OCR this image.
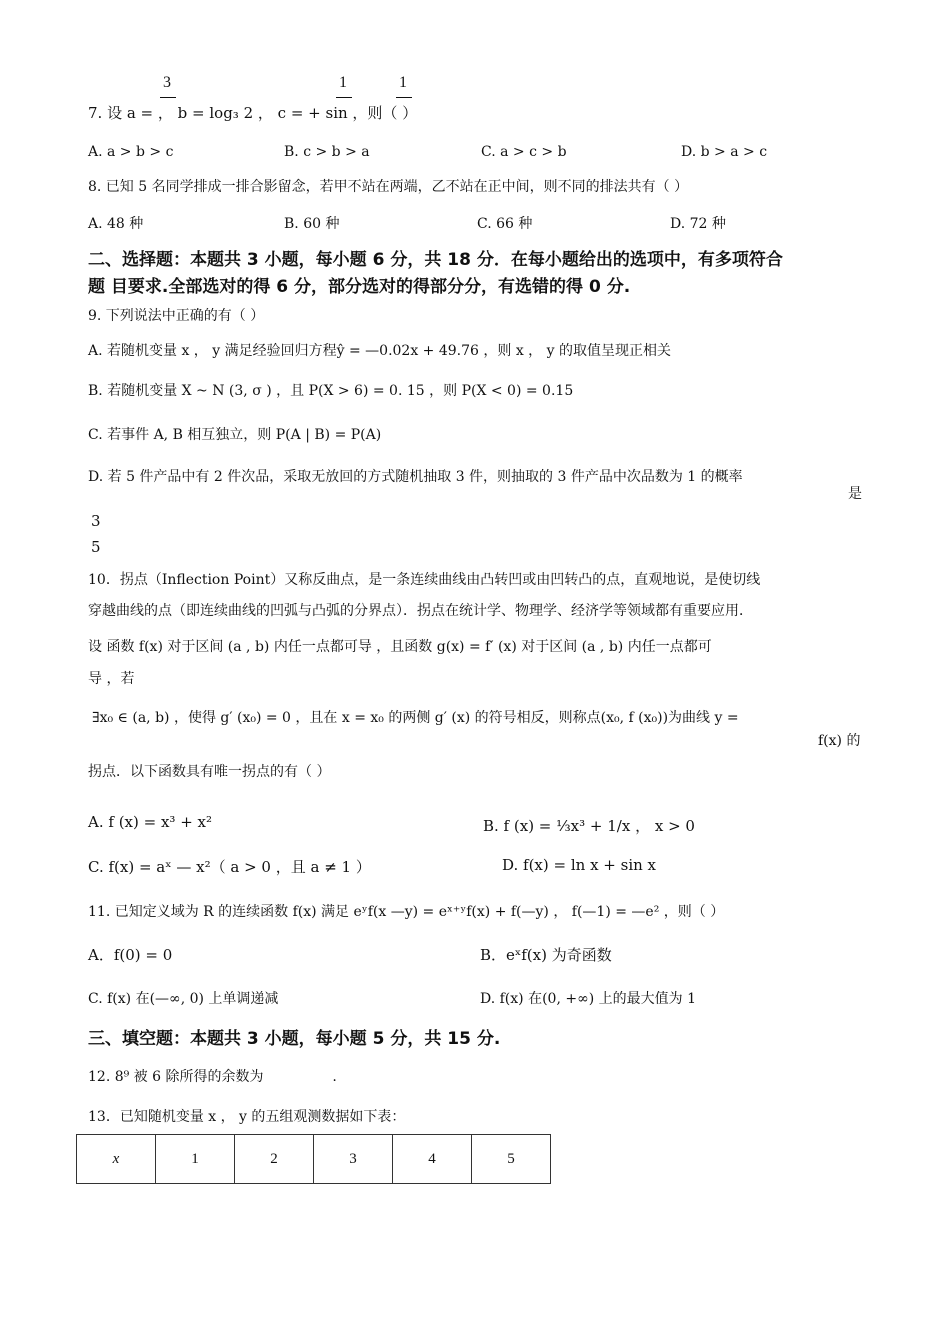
3	1	1
7. 设 a = ， b = log₃ 2 ， c = + sin ，则（ ）
A. a > b > c	B. c > b > a	C. a > c > b	D. b > a > c
8. 已知 5 名同学排成一排合影留念，若甲不站在两端，乙不站在正中间，则不同的排法共有（ ）
A. 48 种	B. 60 种	C. 66 种	D. 72 种
二、选择题：本题共 3 小题，每小题 6 分，共 18 分．在每小题给出的选项中，有多项符合
题 目要求.全部选对的得 6 分，部分选对的得部分分，有选错的得 0 分.
9. 下列说法中正确的有（ ）
A. 若随机变量 x ， y 满足经验回归方程ŷ = —0.02x + 49.76 ，则 x ， y 的取值呈现正相关
B. 若随机变量 X ~ N (3, σ ) ，且 P(X > 6) = 0. 15 ，则 P(X < 0) = 0.15
C. 若事件 A, B 相互独立，则 P(A | B) = P(A)
D. 若 5 件产品中有 2 件次品，采取无放回的方式随机抽取 3 件，则抽取的 3 件产品中次品数为 1 的概率
是
3
5
10．拐点（Inflection Point）又称反曲点，是一条连续曲线由凸转凹或由凹转凸的点，直观地说，是使切线
穿越曲线的点（即连续曲线的凹弧与凸弧的分界点）．拐点在统计学、物理学、经济学等领域都有重要应用．
设 函数 f(x) 对于区间 (a , b) 内任一点都可导 ，且函数 g(x) = f′ (x) 对于区间 (a , b) 内任一点都可
导 ，若
∃x₀ ∈ (a, b) ，使得 g′ (x₀) = 0 ，且在 x = x₀ 的两侧 g′ (x) 的符号相反，则称点(x₀, f (x₀))为曲线 y =
f(x) 的
拐点．以下函数具有唯一拐点的有（ ）
A. f (x) = x³ + x²	B. f (x) = ⅓x³ + 1/x ， x > 0
C. f(x) = aˣ — x²（ a > 0 ，且 a ≠ 1 ）	D. f(x) = ln x + sin x
11. 已知定义域为 R 的连续函数 f(x) 满足 eʸf(x —y) = eˣ⁺ʸf(x) + f(—y) ， f(—1) = —e² ，则（ ）
A．f(0) = 0	B．eˣf(x) 为奇函数
C. f(x) 在(—∞, 0) 上单调递减	D. f(x) 在(0, +∞) 上的最大值为 1
三、填空题：本题共 3 小题，每小题 5 分，共 15 分.
12. 8⁹ 被 6 除所得的余数为	.
13．已知随机变量 x ， y 的五组观测数据如下表：
x	1	2	3	4	5
